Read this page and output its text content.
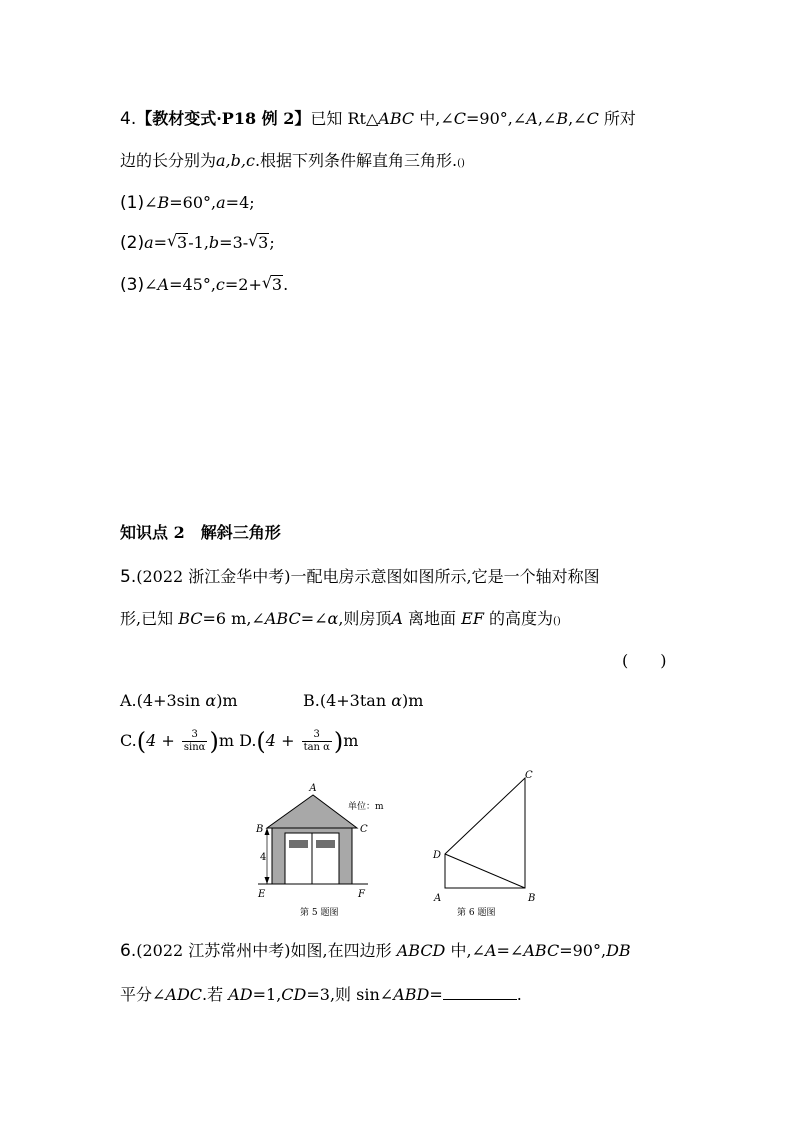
4.【教材变式·P18 例 2】已知 Rt△ABC 中,∠C=90°,∠A,∠B,∠C 所对
边的长分别为a,b,c.根据下列条件解直角三角形.()
(1)∠B=60°,a=4;
(2)a= √ 3-1,b=3- √ 3;
(3)∠A=45°,c=2+ √ 3.
知识点 2　解斜三角形
5.(2022 浙江金华中考)一配电房示意图如图所示,它是一个轴对称图
形,已知 BC=6 m,∠ABC=∠α,则房顶A 离地面 EF 的高度为()
(　　)
A.(4+3sin α)m	B.(4+3tan α)m
$C.(4 + \frac{3}{\sin\alpha} )m$ $D.(4 + \frac{3}{\text{tan α}} )m$
A
B	C
E	F
4
单位：m
第 5 题图
C
D
A	B
第 6 题图
6.(2022 江苏常州中考)如图,在四边形 ABCD 中,∠A=∠ABC=90°,DB
平分∠ADC.若 AD=1,CD=3,则 sin∠ABD=	.
